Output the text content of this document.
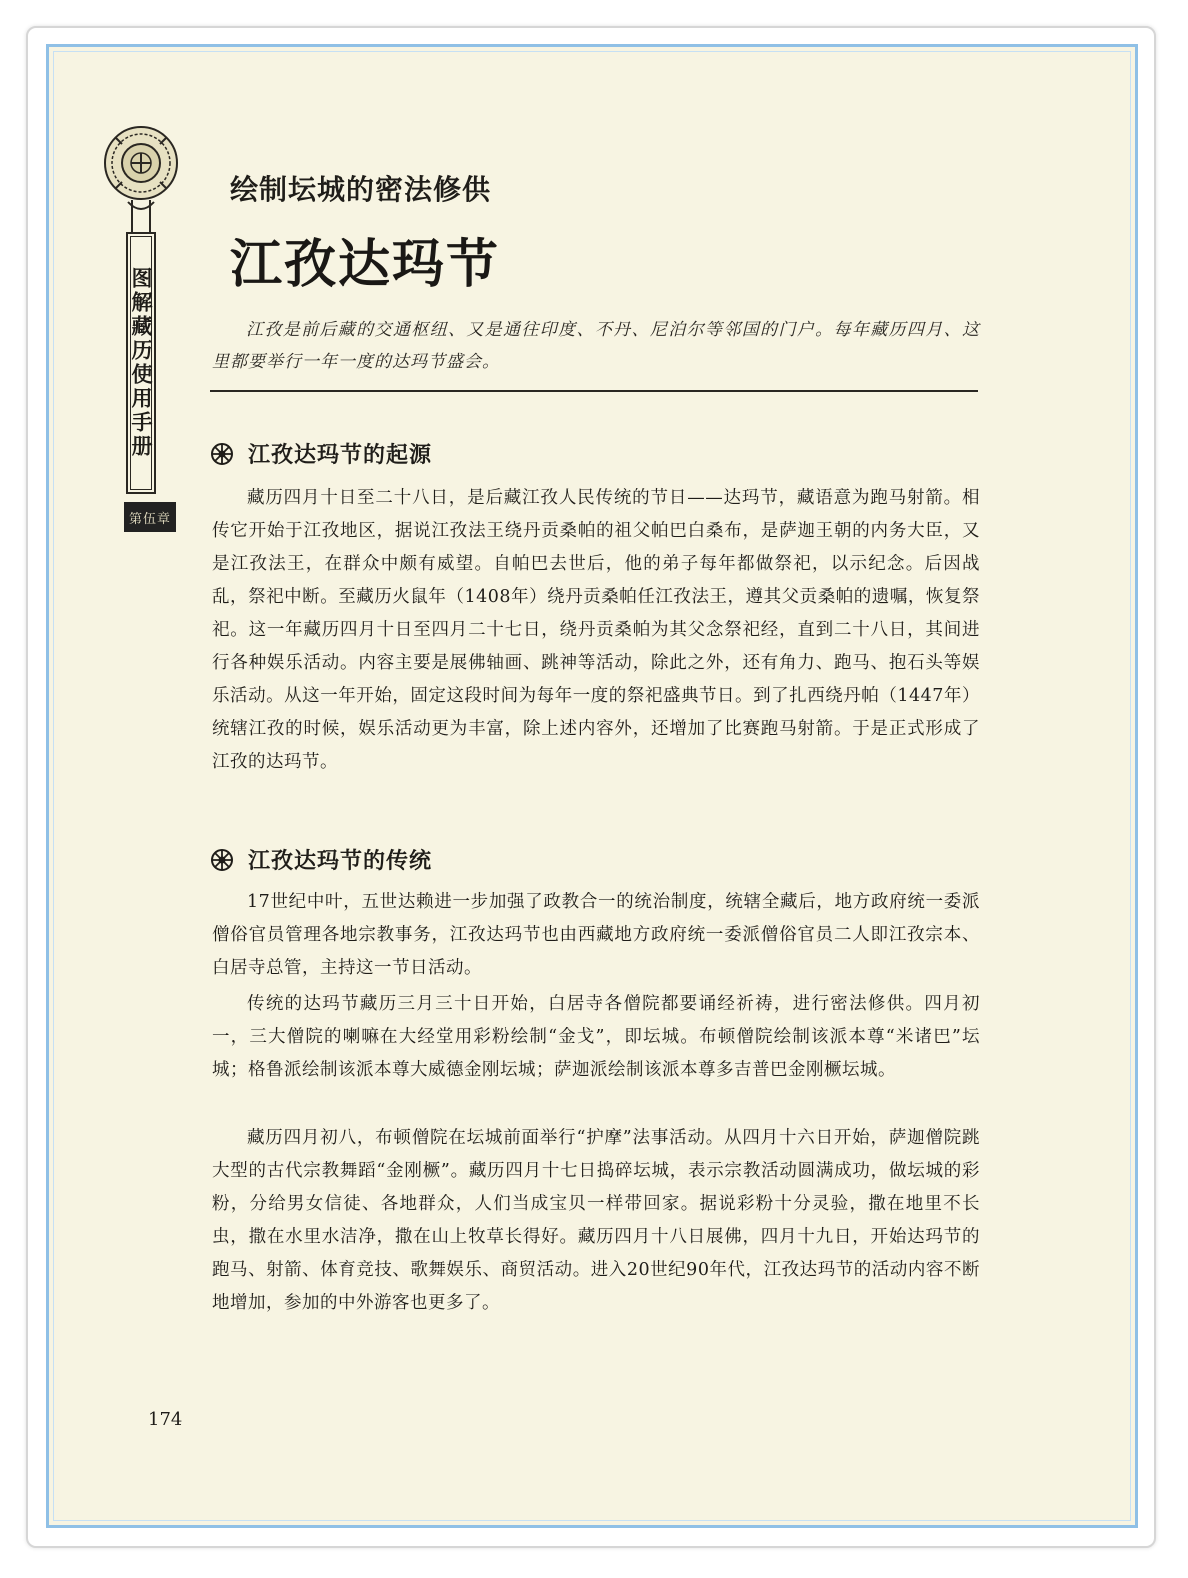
图解藏历使用手册
第伍章
绘制坛城的密法修供
江孜达玛节
江孜是前后藏的交通枢纽、又是通往印度、不丹、尼泊尔等邻国的门户。每年藏历四月、这里都要举行一年一度的达玛节盛会。
江孜达玛节的起源
藏历四月十日至二十八日，是后藏江孜人民传统的节日——达玛节，藏语意为跑马射箭。相传它开始于江孜地区，据说江孜法王绕丹贡桑帕的祖父帕巴白桑布，是萨迦王朝的内务大臣，又是江孜法王，在群众中颇有威望。自帕巴去世后，他的弟子每年都做祭祀，以示纪念。后因战乱，祭祀中断。至藏历火鼠年（1408年）绕丹贡桑帕任江孜法王，遵其父贡桑帕的遗嘱，恢复祭祀。这一年藏历四月十日至四月二十七日，绕丹贡桑帕为其父念祭祀经，直到二十八日，其间进行各种娱乐活动。内容主要是展佛轴画、跳神等活动，除此之外，还有角力、跑马、抱石头等娱乐活动。从这一年开始，固定这段时间为每年一度的祭祀盛典节日。到了扎西绕丹帕（1447年）统辖江孜的时候，娱乐活动更为丰富，除上述内容外，还增加了比赛跑马射箭。于是正式形成了江孜的达玛节。
江孜达玛节的传统
17世纪中叶，五世达赖进一步加强了政教合一的统治制度，统辖全藏后，地方政府统一委派僧俗官员管理各地宗教事务，江孜达玛节也由西藏地方政府统一委派僧俗官员二人即江孜宗本、白居寺总管，主持这一节日活动。
传统的达玛节藏历三月三十日开始，白居寺各僧院都要诵经祈祷，进行密法修供。四月初一，三大僧院的喇嘛在大经堂用彩粉绘制“金戈”，即坛城。布顿僧院绘制该派本尊“米诸巴”坛城；格鲁派绘制该派本尊大威德金刚坛城；萨迦派绘制该派本尊多吉普巴金刚橛坛城。
藏历四月初八，布顿僧院在坛城前面举行“护摩”法事活动。从四月十六日开始，萨迦僧院跳大型的古代宗教舞蹈“金刚橛”。藏历四月十七日捣碎坛城，表示宗教活动圆满成功，做坛城的彩粉，分给男女信徒、各地群众，人们当成宝贝一样带回家。据说彩粉十分灵验，撒在地里不长虫，撒在水里水洁净，撒在山上牧草长得好。藏历四月十八日展佛，四月十九日，开始达玛节的跑马、射箭、体育竞技、歌舞娱乐、商贸活动。进入20世纪90年代，江孜达玛节的活动内容不断地增加，参加的中外游客也更多了。
174
